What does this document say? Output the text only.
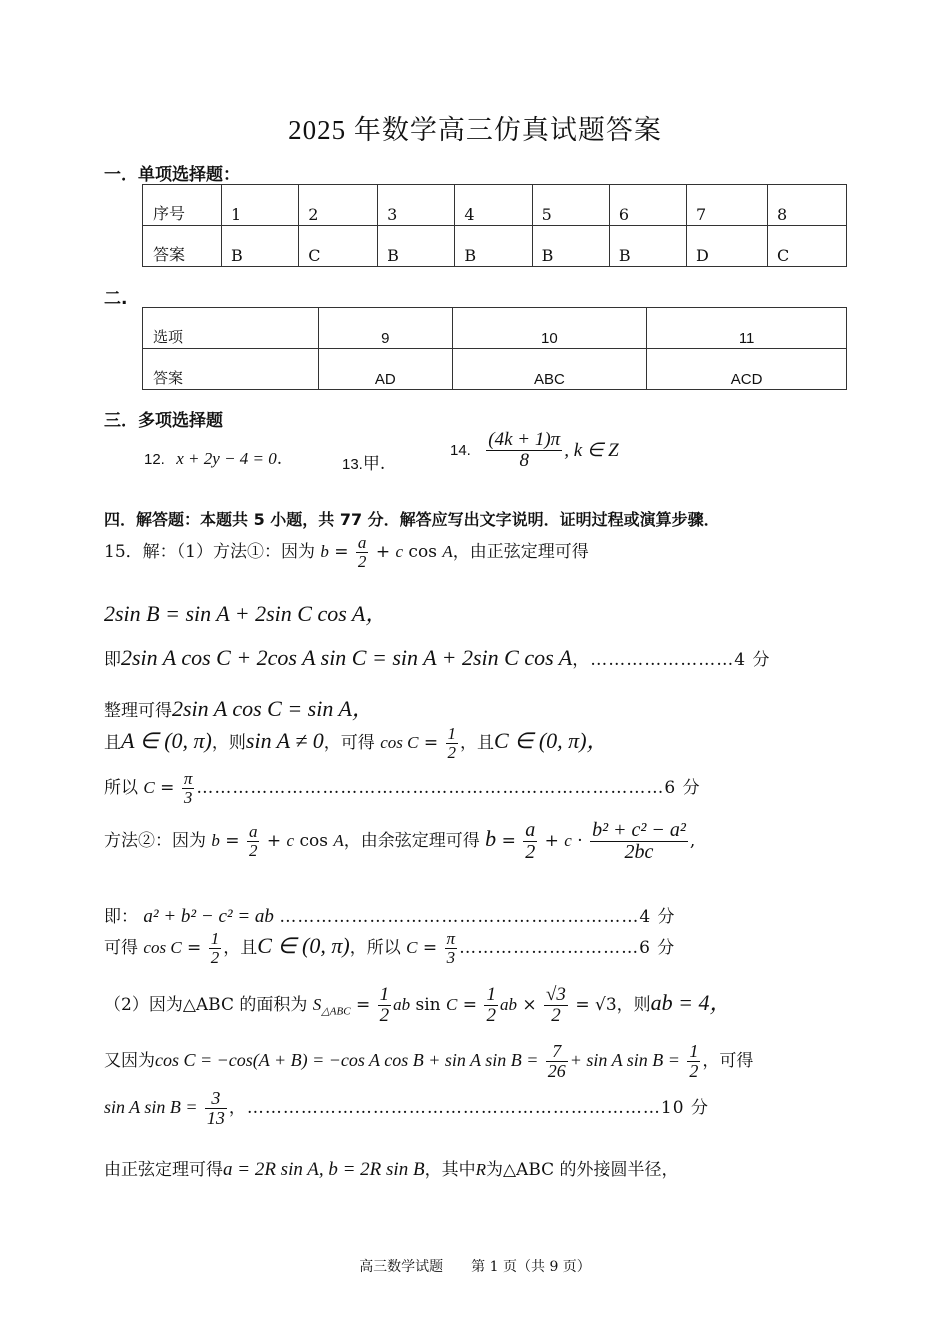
2025 年数学高三仿真试题答案
一．单项选择题：
序号	1	2	3	4	5	6	7	8
答案	B	C	B	B	B	B	D	C
二.
选项	9	10	11
答案	AD	ABC	ACD
三．多项选择题
12. x + 2y − 4 = 0.	13.甲.
14. $\frac{(4k + 1)\pi}{8}$ , k ∈ Z
四．解答题：本题共 5 小题，共 77 分．解答应写出文字说明．证明过程或演算步骤．
15．解：（1）方法①：因为 $b = \frac{a}{2} + c$ cos A，由正弦定理可得
2sin B = sin A + 2sin C cos A，
即2sin A cos C + 2cos A sin C = sin A + 2sin C cos A，……………………4 分
整理可得2sin A cos C = sin A，
且A ∈ (0, π)，则sin A ≠ 0，可得 $\cos C = \frac{1}{2}$ ，且C ∈ (0, π)，
所以 $C = \frac{\pi}{3}$ ……………………………………………………………………6 分
方法②：因为 $b = \frac{a}{2} + c$ cos A，由余弦定理可得 $b = \frac{a}{2} + c \cdot \frac{\text{b² + c² − a²}}{2bc}$ ,
即： a² + b² − c² = ab ……………………………………………………4 分
可得 $\cos C = \frac{1}{2}$ ，且C ∈ (0, π)，所以 $C = \frac{\pi}{3}$ …………………………6 分
（2）因为△ABC 的面积为 $S_{\triangle ABC} = \frac{1}{2}$ ab $\sin C = \frac{1}{2}$ ab × $\frac{√3}{2} = √3$，则ab = 4，
又因为cos C = −cos(A + B) = −cos A cos B + sin A $\sin B = \frac{7}{26} + \sin A$ $\sin B = \frac{1}{2}$ ，可得
sin A $\sin B = \frac{3}{13}$ ，……………………………………………………………10 分
由正弦定理可得a = 2R sin A, b = 2R sin B，其中R为△ABC 的外接圆半径，
高三数学试题　　第 1 页（共 9 页）
